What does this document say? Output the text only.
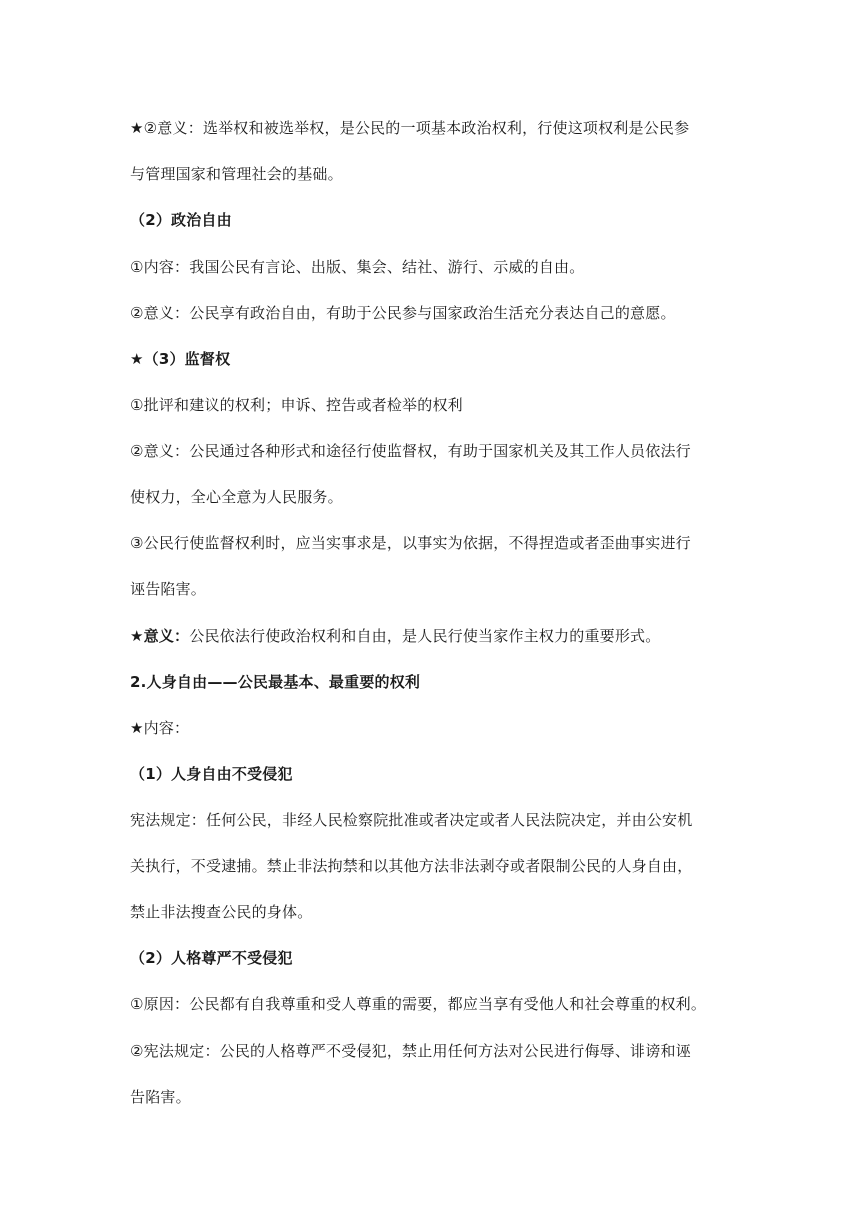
★②意义：选举权和被选举权，是公民的一项基本政治权利，行使这项权利是公民参
与管理国家和管理社会的基础。
（2）政治自由
①内容：我国公民有言论、出版、集会、结社、游行、示威的自由。
②意义：公民享有政治自由，有助于公民参与国家政治生活充分表达自己的意愿。
★（3）监督权
①批评和建议的权利；申诉、控告或者检举的权利
②意义：公民通过各种形式和途径行使监督权，有助于国家机关及其工作人员依法行
使权力，全心全意为人民服务。
③公民行使监督权利时，应当实事求是，以事实为依据，不得捏造或者歪曲事实进行
诬告陷害。
★意义：公民依法行使政治权利和自由，是人民行使当家作主权力的重要形式。
2.人身自由——公民最基本、最重要的权利
★内容：
（1）人身自由不受侵犯
宪法规定：任何公民，非经人民检察院批准或者决定或者人民法院决定，并由公安机
关执行，不受逮捕。禁止非法拘禁和以其他方法非法剥夺或者限制公民的人身自由，
禁止非法搜查公民的身体。
（2）人格尊严不受侵犯
①原因：公民都有自我尊重和受人尊重的需要，都应当享有受他人和社会尊重的权利。
②宪法规定：公民的人格尊严不受侵犯，禁止用任何方法对公民进行侮辱、诽谤和诬
告陷害。
